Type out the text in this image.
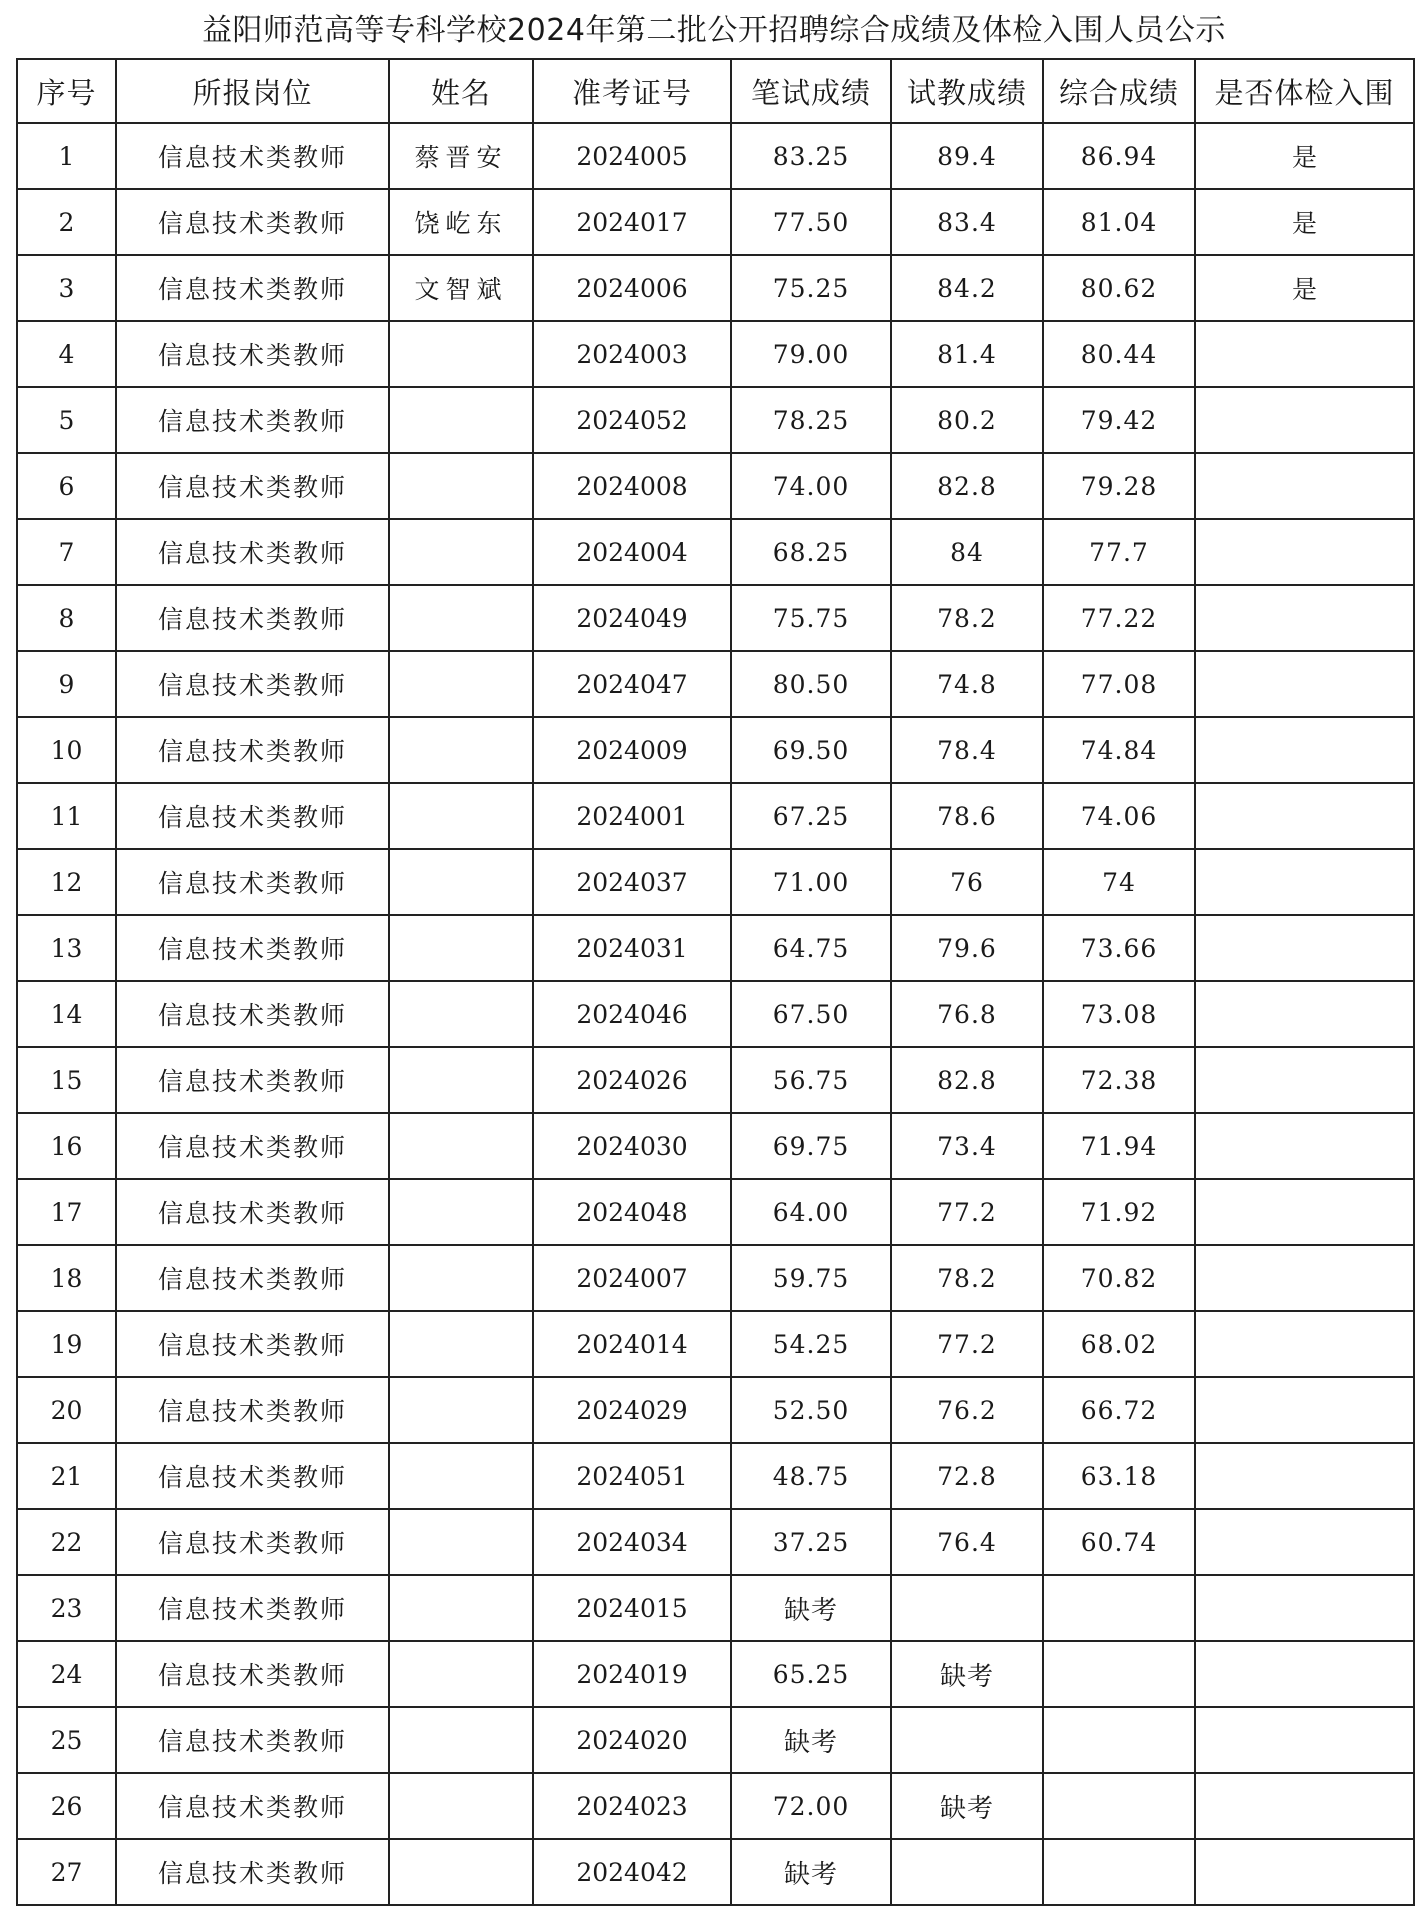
益阳师范高等专科学校2024年第二批公开招聘综合成绩及体检入围人员公示
序号	所报岗位	姓名	准考证号	笔试成绩	试教成绩	综合成绩	是否体检入围
1	信息技术类教师	蔡晋安	2024005	83.25	89.4	86.94	是
2	信息技术类教师	饶屹东	2024017	77.50	83.4	81.04	是
3	信息技术类教师	文智斌	2024006	75.25	84.2	80.62	是
4	信息技术类教师		2024003	79.00	81.4	80.44	
5	信息技术类教师		2024052	78.25	80.2	79.42	
6	信息技术类教师		2024008	74.00	82.8	79.28	
7	信息技术类教师		2024004	68.25	84	77.7	
8	信息技术类教师		2024049	75.75	78.2	77.22	
9	信息技术类教师		2024047	80.50	74.8	77.08	
10	信息技术类教师		2024009	69.50	78.4	74.84	
11	信息技术类教师		2024001	67.25	78.6	74.06	
12	信息技术类教师		2024037	71.00	76	74	
13	信息技术类教师		2024031	64.75	79.6	73.66	
14	信息技术类教师		2024046	67.50	76.8	73.08	
15	信息技术类教师		2024026	56.75	82.8	72.38	
16	信息技术类教师		2024030	69.75	73.4	71.94	
17	信息技术类教师		2024048	64.00	77.2	71.92	
18	信息技术类教师		2024007	59.75	78.2	70.82	
19	信息技术类教师		2024014	54.25	77.2	68.02	
20	信息技术类教师		2024029	52.50	76.2	66.72	
21	信息技术类教师		2024051	48.75	72.8	63.18	
22	信息技术类教师		2024034	37.25	76.4	60.74	
23	信息技术类教师		2024015	缺考			
24	信息技术类教师		2024019	65.25	缺考		
25	信息技术类教师		2024020	缺考			
26	信息技术类教师		2024023	72.00	缺考		
27	信息技术类教师		2024042	缺考			
